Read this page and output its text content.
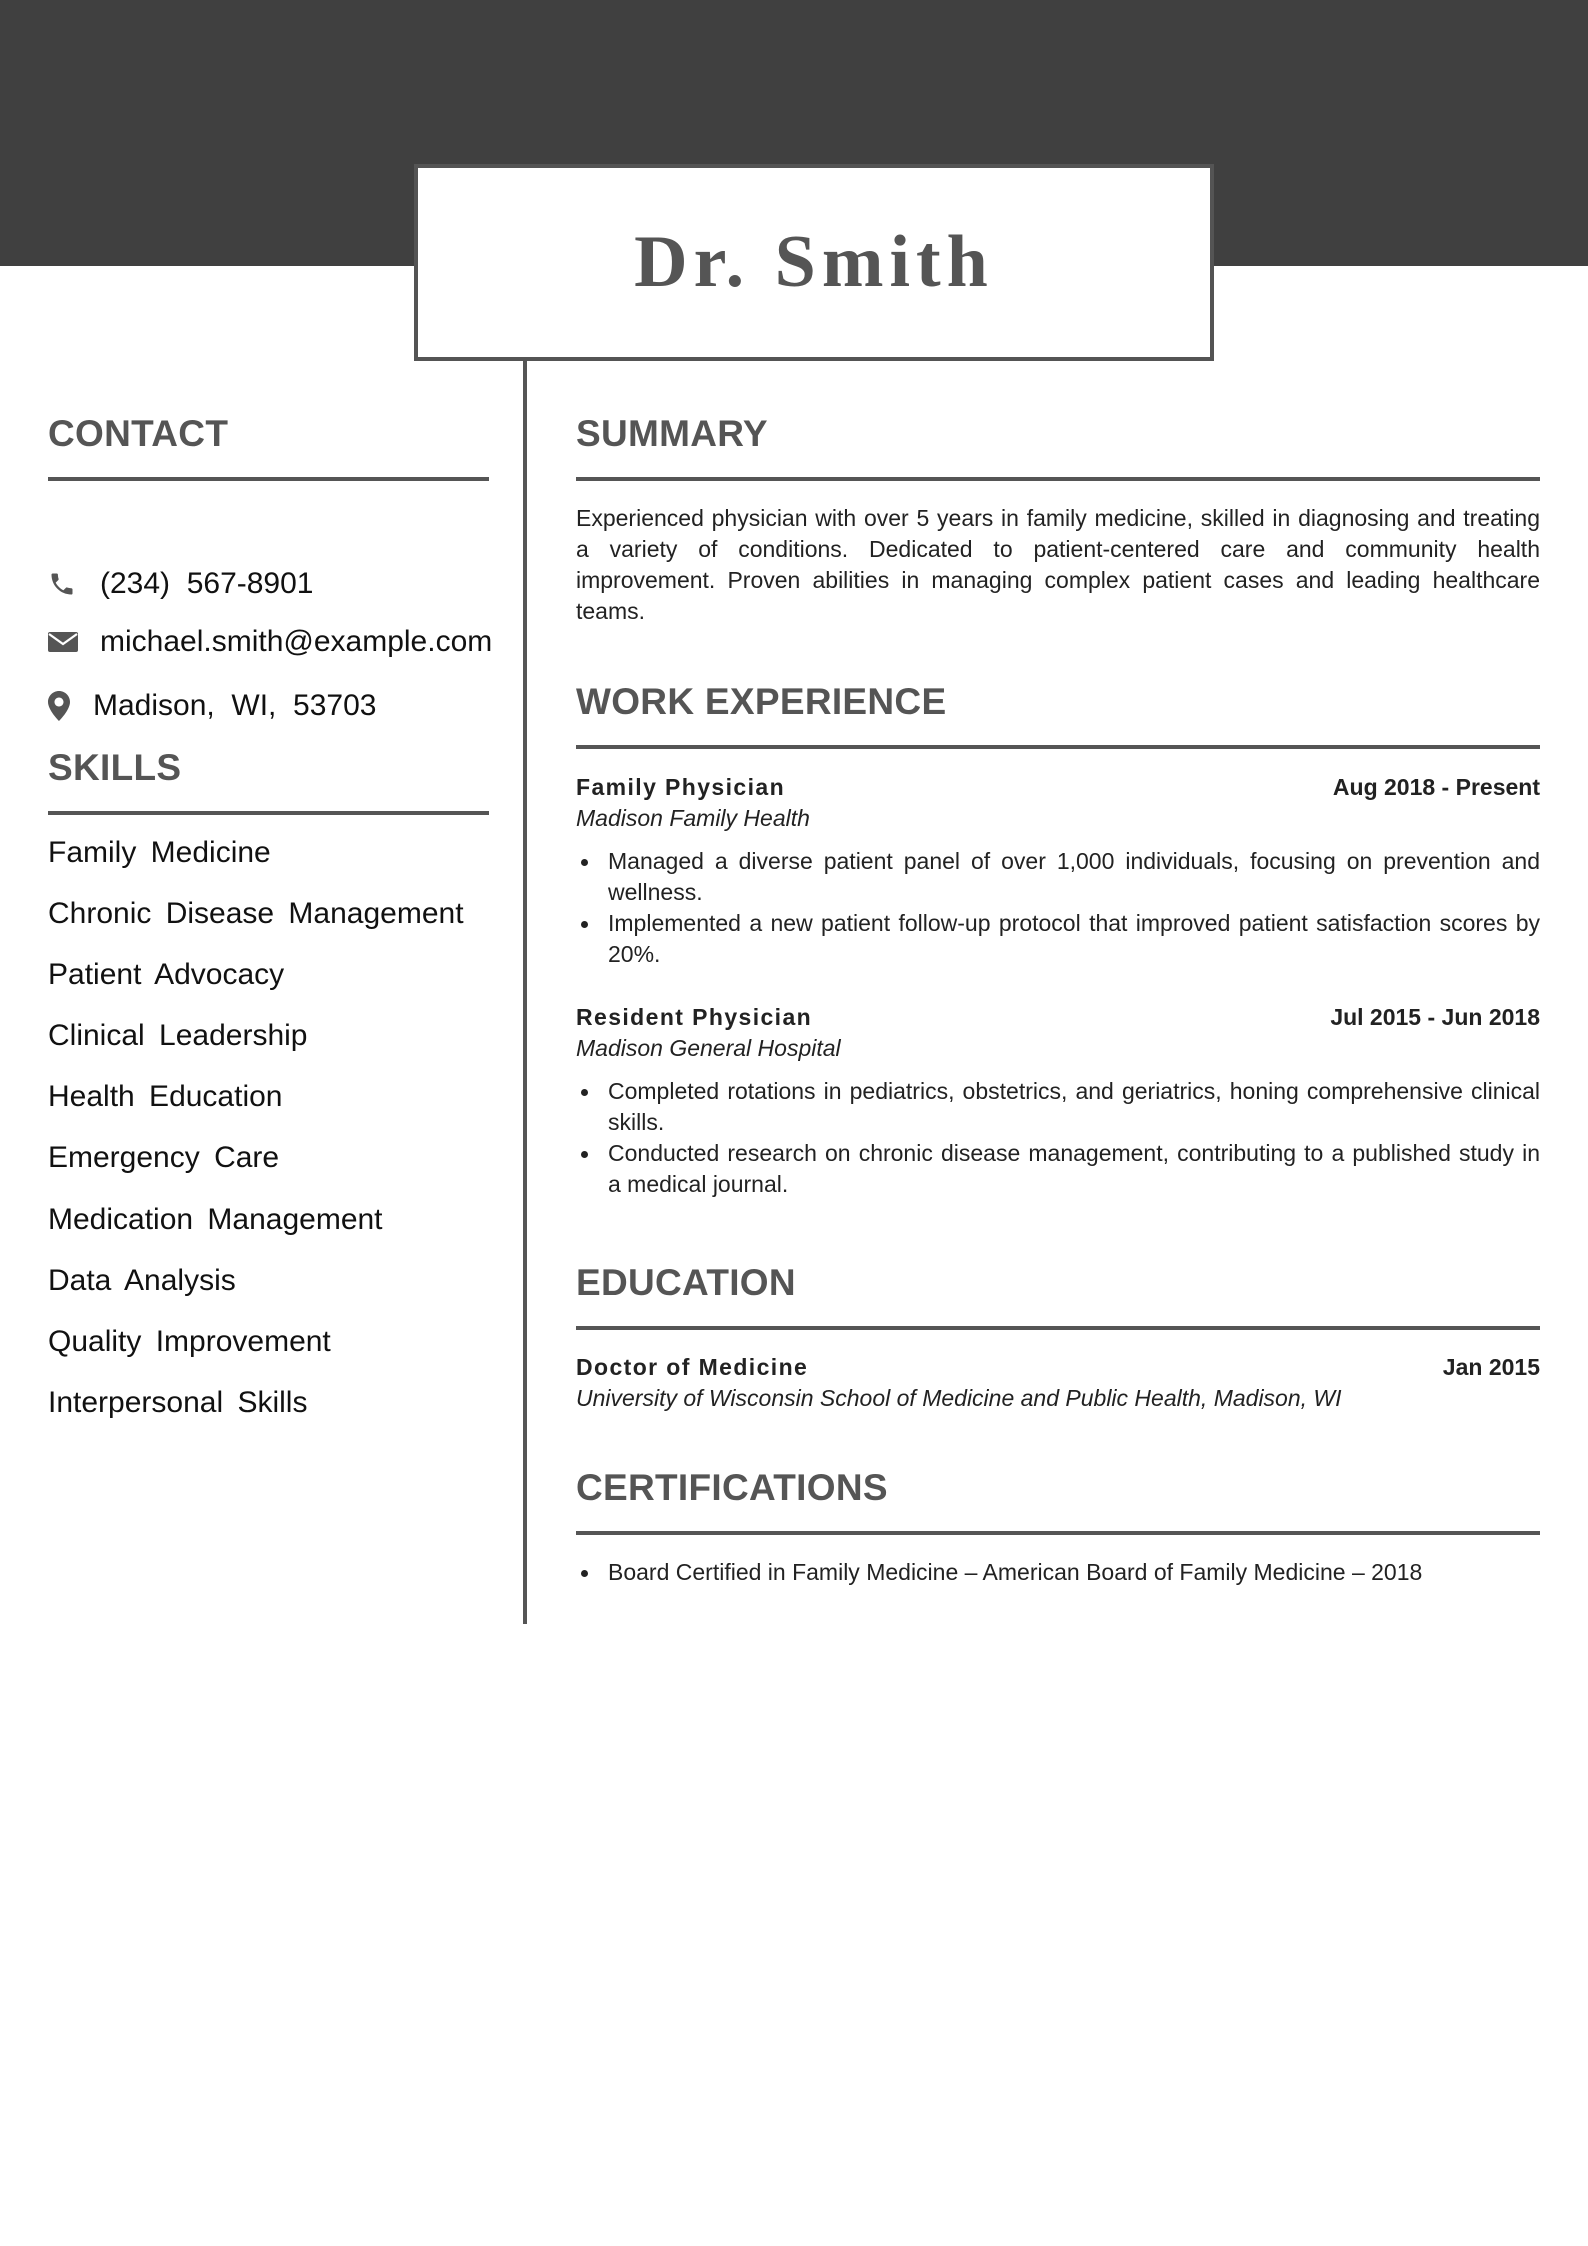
Dr. Smith
CONTACT

(234)  567-8901

michael.smith@example.com

Madison,  WI,  53703
SKILLS
Family Medicine
Chronic Disease Management
Patient Advocacy
Clinical Leadership
Health Education
Emergency Care
Medication Management
Data Analysis
Quality Improvement
Interpersonal Skills
SUMMARY
Experienced physician with over 5 years in family medicine, skilled in diagnosing and treating a variety of conditions. Dedicated to patient-centered care and community health improvement. Proven abilities in managing complex patient cases and leading healthcare teams.
WORK EXPERIENCE
Family Physician	Aug 2018 - Present
Madison Family Health
Managed a diverse patient panel of over 1,000 individuals, focusing on prevention and wellness.
Implemented a new patient follow-up protocol that improved patient satisfaction scores by 20%.
Resident Physician	Jul 2015 - Jun 2018
Madison General Hospital
Completed rotations in pediatrics, obstetrics, and geriatrics, honing comprehensive clinical skills.
Conducted research on chronic disease management, contributing to a published study in a medical journal.
EDUCATION
Doctor of Medicine	Jan 2015
University of Wisconsin School of Medicine and Public Health, Madison, WI
CERTIFICATIONS
Board Certified in Family Medicine – American Board of Family Medicine – 2018
